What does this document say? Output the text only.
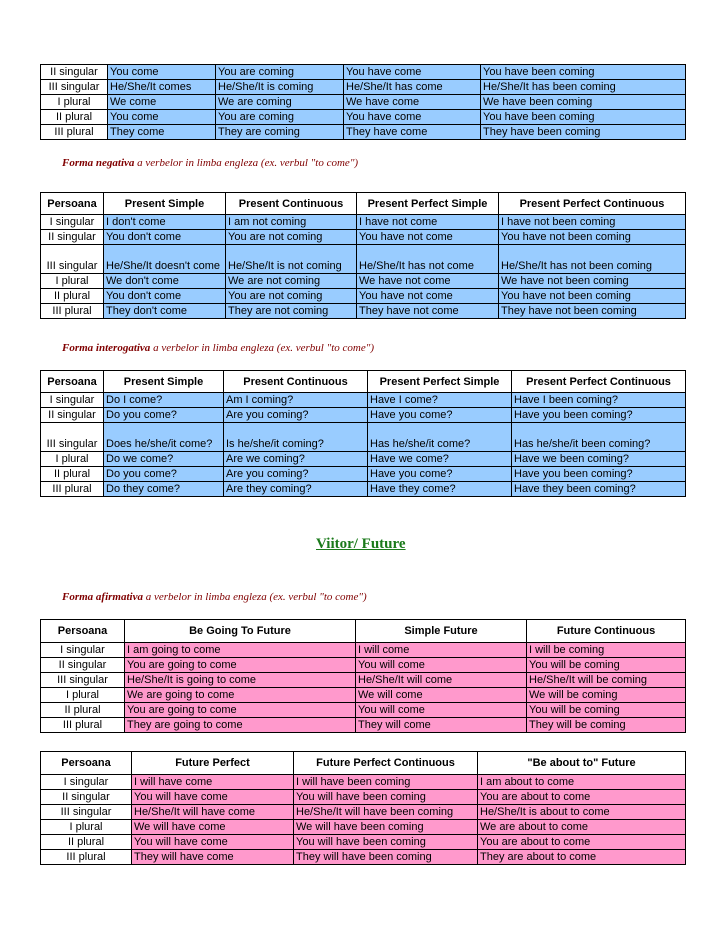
II singular	You come	You are coming	You have come	You have been coming
III singular	He/She/It comes	He/She/It is coming	He/She/It has come	He/She/It has been coming
I plural	We come	We are coming	We have come	We have been coming
II plural	You come	You are coming	You have come	You have been coming
III plural	They come	They are coming	They have come	They have been coming
Forma negativa a verbelor in limba engleza (ex. verbul "to come")
Persoana	Present Simple	Present Continuous	Present Perfect Simple	Present Perfect Continuous
I singular	I don't come	I am not coming	I have not come	I have not been coming
II singular	You don't come	You are not coming	You have not come	You have not been coming
III singular	He/She/It doesn't come	He/She/It is not coming	He/She/It has not come	He/She/It has not been coming
I plural	We don't come	We are not coming	We have not come	We have not been coming
II plural	You don't come	You are not coming	You have not come	You have not been coming
III plural	They don't come	They are not coming	They have not come	They have not been coming
Forma interogativa a verbelor in limba engleza (ex. verbul "to come")
Persoana	Present Simple	Present Continuous	Present Perfect Simple	Present Perfect Continuous
I singular	Do I come?	Am I coming?	Have I come?	Have I been coming?
II singular	Do you come?	Are you coming?	Have you come?	Have you been coming?
III singular	Does he/she/it come?	Is he/she/it coming?	Has he/she/it come?	Has he/she/it been coming?
I plural	Do we come?	Are we coming?	Have we come?	Have we been coming?
II plural	Do you come?	Are you coming?	Have you come?	Have you been coming?
III plural	Do they come?	Are they coming?	Have they come?	Have they been coming?
Viitor/ Future
Forma afirmativa a verbelor in limba engleza (ex. verbul "to come")
Persoana	Be Going To Future	Simple Future	Future Continuous
I singular	I am going to come	I will come	I will be coming
II singular	You are going to come	You will come	You will be coming
III singular	He/She/It is going to come	He/She/It will come	He/She/It will be coming
I plural	We are going to come	We will come	We will be coming
II plural	You are going to come	You will come	You will be coming
III plural	They are going to come	They will come	They will be coming
Persoana	Future Perfect	Future Perfect Continuous	"Be about to" Future
I singular	I will have come	I will have been coming	I am about to come
II singular	You will have come	You will have been coming	You are about to come
III singular	He/She/It will have come	He/She/It will have been coming	He/She/It is about to come
I plural	We will have come	We will have been coming	We are about to come
II plural	You will have come	You will have been coming	You are about to come
III plural	They will have come	They will have been coming	They are about to come
